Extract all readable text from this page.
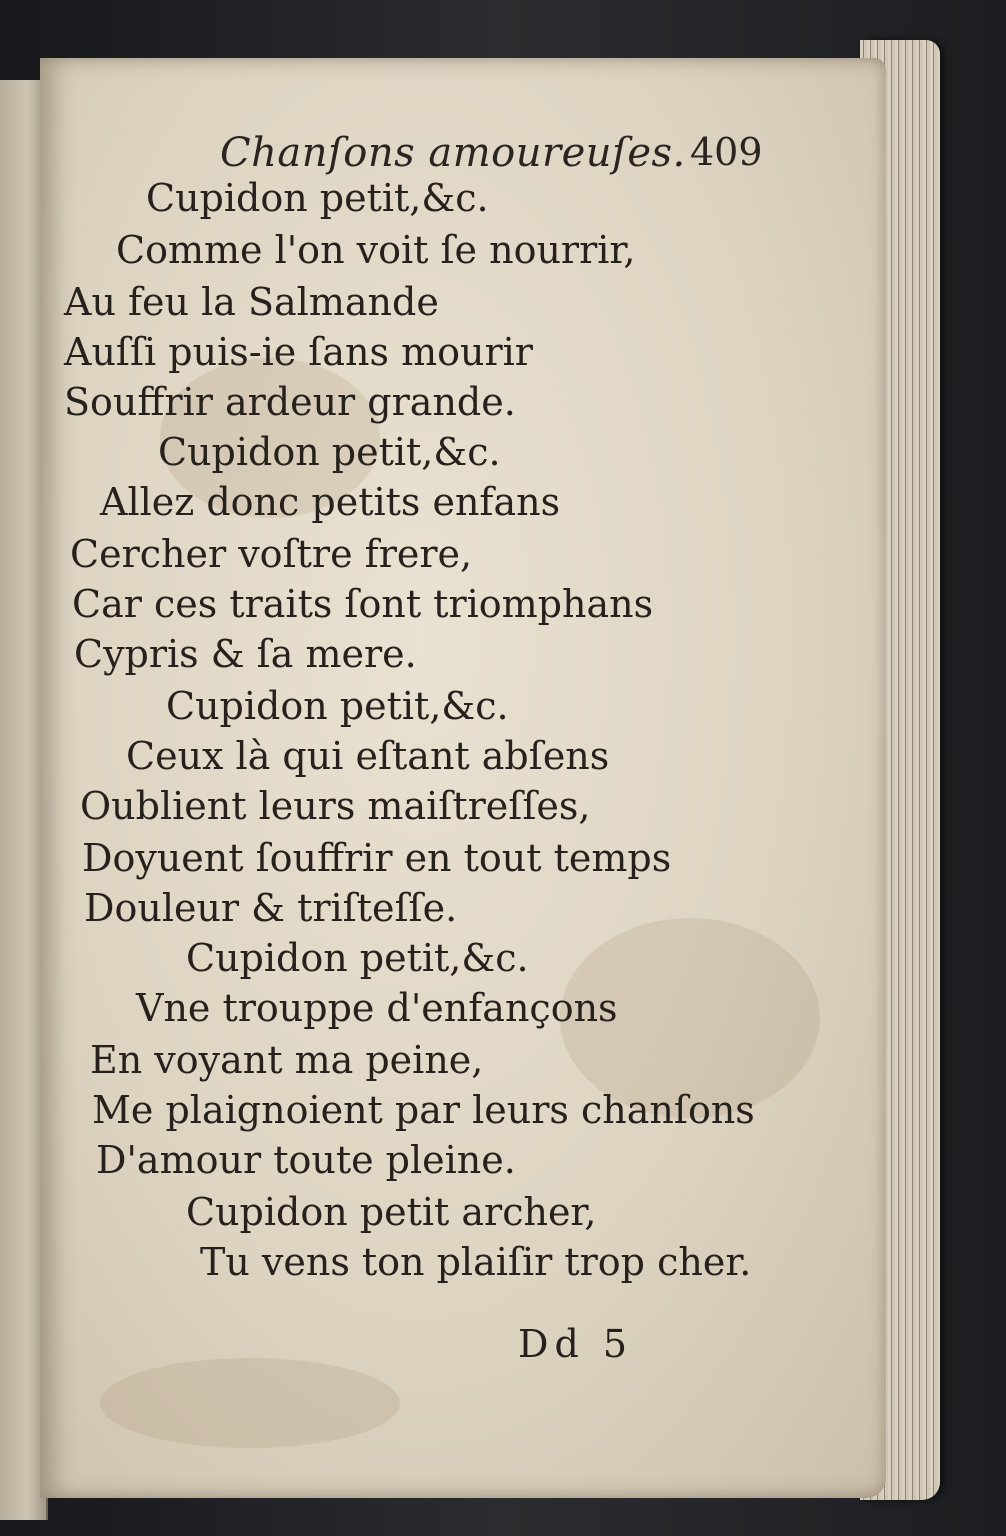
Chanſons amoureuſes. 409
Cupidon petit,&c.
Comme l'on voit ſe nourrir,
Au feu la Salmande
Auſſi puis-ie ſans mourir
Souffrir ardeur grande.
Cupidon petit,&c.
Allez donc petits enfans
Cercher voſtre frere,
Car ces traits ſont triomphans
Cypris & ſa mere.
Cupidon petit,&c.
Ceux là qui eſtant abſens
Oublient leurs maiſtreſſes,
Doyuent ſouffrir en tout temps
Douleur & triſteſſe.
Cupidon petit,&c.
Vne trouppe d'enfançons
En voyant ma peine,
Me plaignoient par leurs chanſons
D'amour toute pleine.
Cupidon petit archer,
Tu vens ton plaiſir trop cher.
Dd 5
